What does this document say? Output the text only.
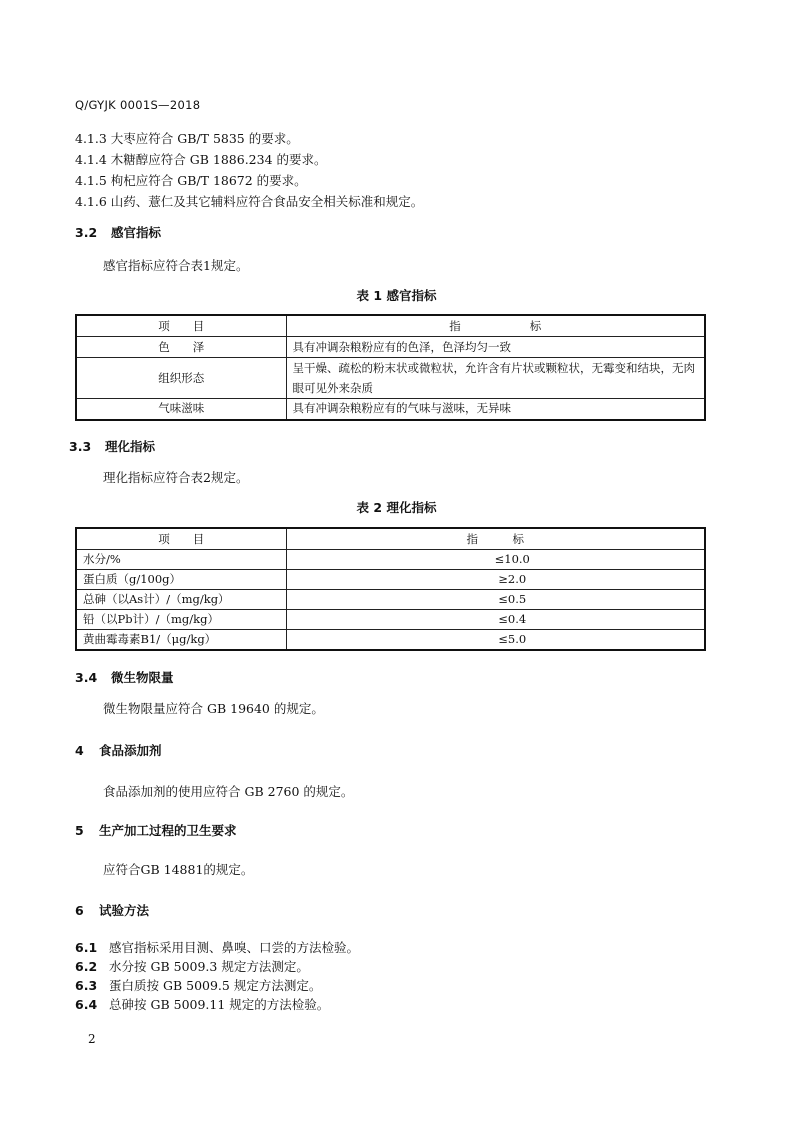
Q/GYJK 0001S—2018
4.1.3 大枣应符合 GB/T 5835 的要求。
4.1.4 木糖醇应符合 GB 1886.234 的要求。
4.1.5 枸杞应符合 GB/T 18672 的要求。
4.1.6 山药、薏仁及其它辅料应符合食品安全相关标准和规定。
3.2 感官指标
感官指标应符合表1规定。
表 1 感官指标
项　　目	指　　　　　　标
色　　泽	具有冲调杂粮粉应有的色泽，色泽均匀一致
组织形态	呈干燥、疏松的粉末状或微粒状，允许含有片状或颗粒状，无霉变和结块，无肉眼可见外来杂质
气味滋味	具有冲调杂粮粉应有的气味与滋味，无异味
3.3 理化指标
理化指标应符合表2规定。
表 2 理化指标
项　　目	指　　　标
水分/%	≤10.0
蛋白质（g/100g）	≥2.0
总砷（以As计）/（mg/kg）	≤0.5
铅（以Pb计）/（mg/kg）	≤0.4
黄曲霉毒素B1/（μg/kg）	≤5.0
3.4 微生物限量
微生物限量应符合 GB 19640 的规定。
4 食品添加剂
食品添加剂的使用应符合 GB 2760 的规定。
5 生产加工过程的卫生要求
应符合GB 14881的规定。
6 试验方法
6.1 感官指标采用目测、鼻嗅、口尝的方法检验。
6.2 水分按 GB 5009.3 规定方法测定。
6.3 蛋白质按 GB 5009.5 规定方法测定。
6.4 总砷按 GB 5009.11 规定的方法检验。
2
